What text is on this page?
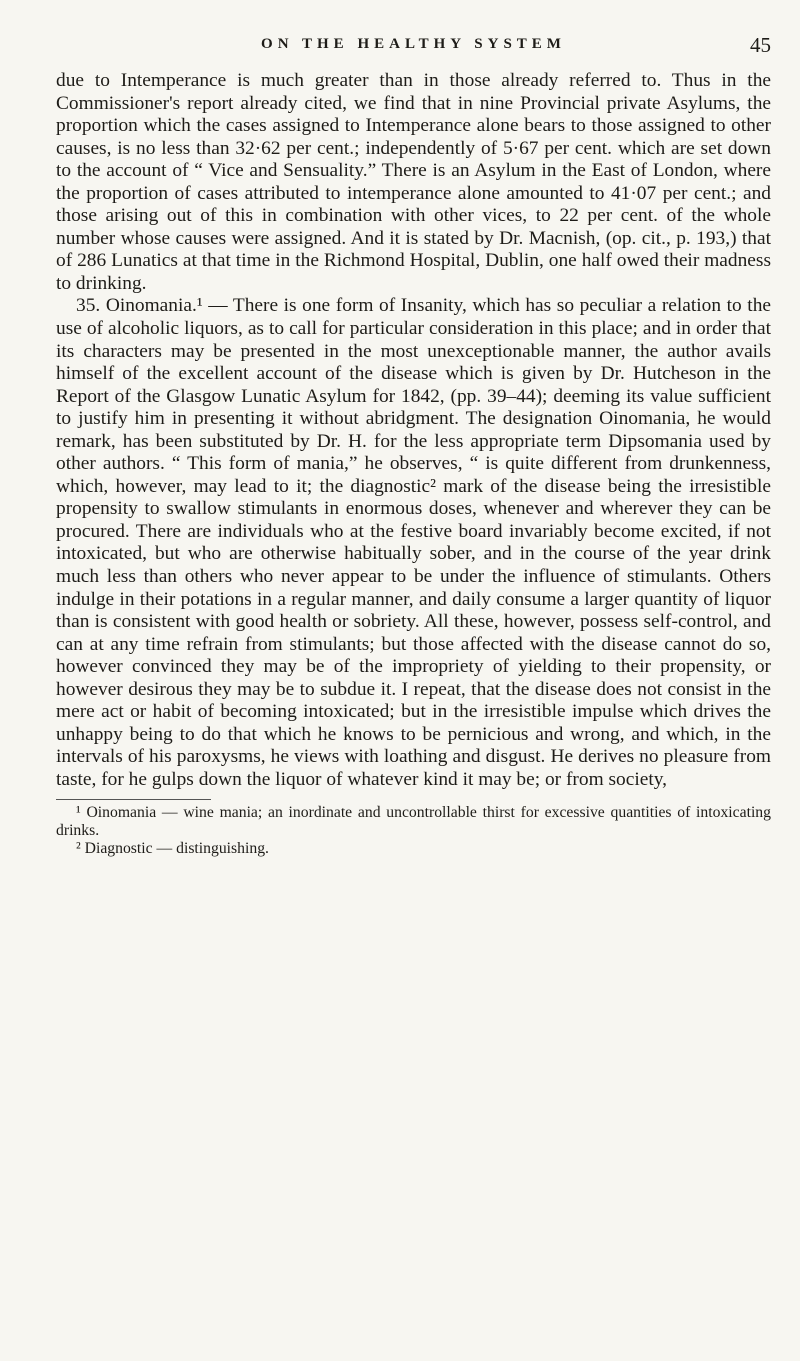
ON THE HEALTHY SYSTEM	45

due to Intemperance is much greater than in those already referred to. Thus in the Commissioner's report already cited, we find that in nine Provincial private Asylums, the proportion which the cases assigned to Intemperance alone bears to those assigned to other causes, is no less than 32·62 per cent.; independently of 5·67 per cent. which are set down to the account of “ Vice and Sensuality.” There is an Asylum in the East of London, where the proportion of cases attributed to intemperance alone amounted to 41·07 per cent.; and those arising out of this in combination with other vices, to 22 per cent. of the whole number whose causes were assigned. And it is stated by Dr. Macnish, (op. cit., p. 193,) that of 286 Lunatics at that time in the Richmond Hospital, Dublin, one half owed their madness to drinking.

35. Oinomania.¹ — There is one form of Insanity, which has so peculiar a relation to the use of alcoholic liquors, as to call for particular consideration in this place; and in order that its characters may be presented in the most unexceptionable manner, the author avails himself of the excellent account of the disease which is given by Dr. Hutcheson in the Report of the Glasgow Lunatic Asylum for 1842, (pp. 39–44); deeming its value sufficient to justify him in presenting it without abridgment. The designation Oinomania, he would remark, has been substituted by Dr. H. for the less appropriate term Dipsomania used by other authors. “ This form of mania,” he observes, “ is quite different from drunkenness, which, however, may lead to it; the diagnostic² mark of the disease being the irresistible propensity to swallow stimulants in enormous doses, whenever and wherever they can be procured. There are individuals who at the festive board invariably become excited, if not intoxicated, but who are otherwise habitually sober, and in the course of the year drink much less than others who never appear to be under the influence of stimulants. Others indulge in their potations in a regular manner, and daily consume a larger quantity of liquor than is consistent with good health or sobriety. All these, however, possess self-control, and can at any time refrain from stimulants; but those affected with the disease cannot do so, however convinced they may be of the impropriety of yielding to their propensity, or however desirous they may be to subdue it. I repeat, that the disease does not consist in the mere act or habit of becoming intoxicated; but in the irresistible impulse which drives the unhappy being to do that which he knows to be pernicious and wrong, and which, in the intervals of his paroxysms, he views with loathing and disgust. He derives no pleasure from taste, for he gulps down the liquor of whatever kind it may be; or from society,

¹ Oinomania — wine mania; an inordinate and uncontrollable thirst for excessive quantities of intoxicating drinks.

² Diagnostic — distinguishing.
